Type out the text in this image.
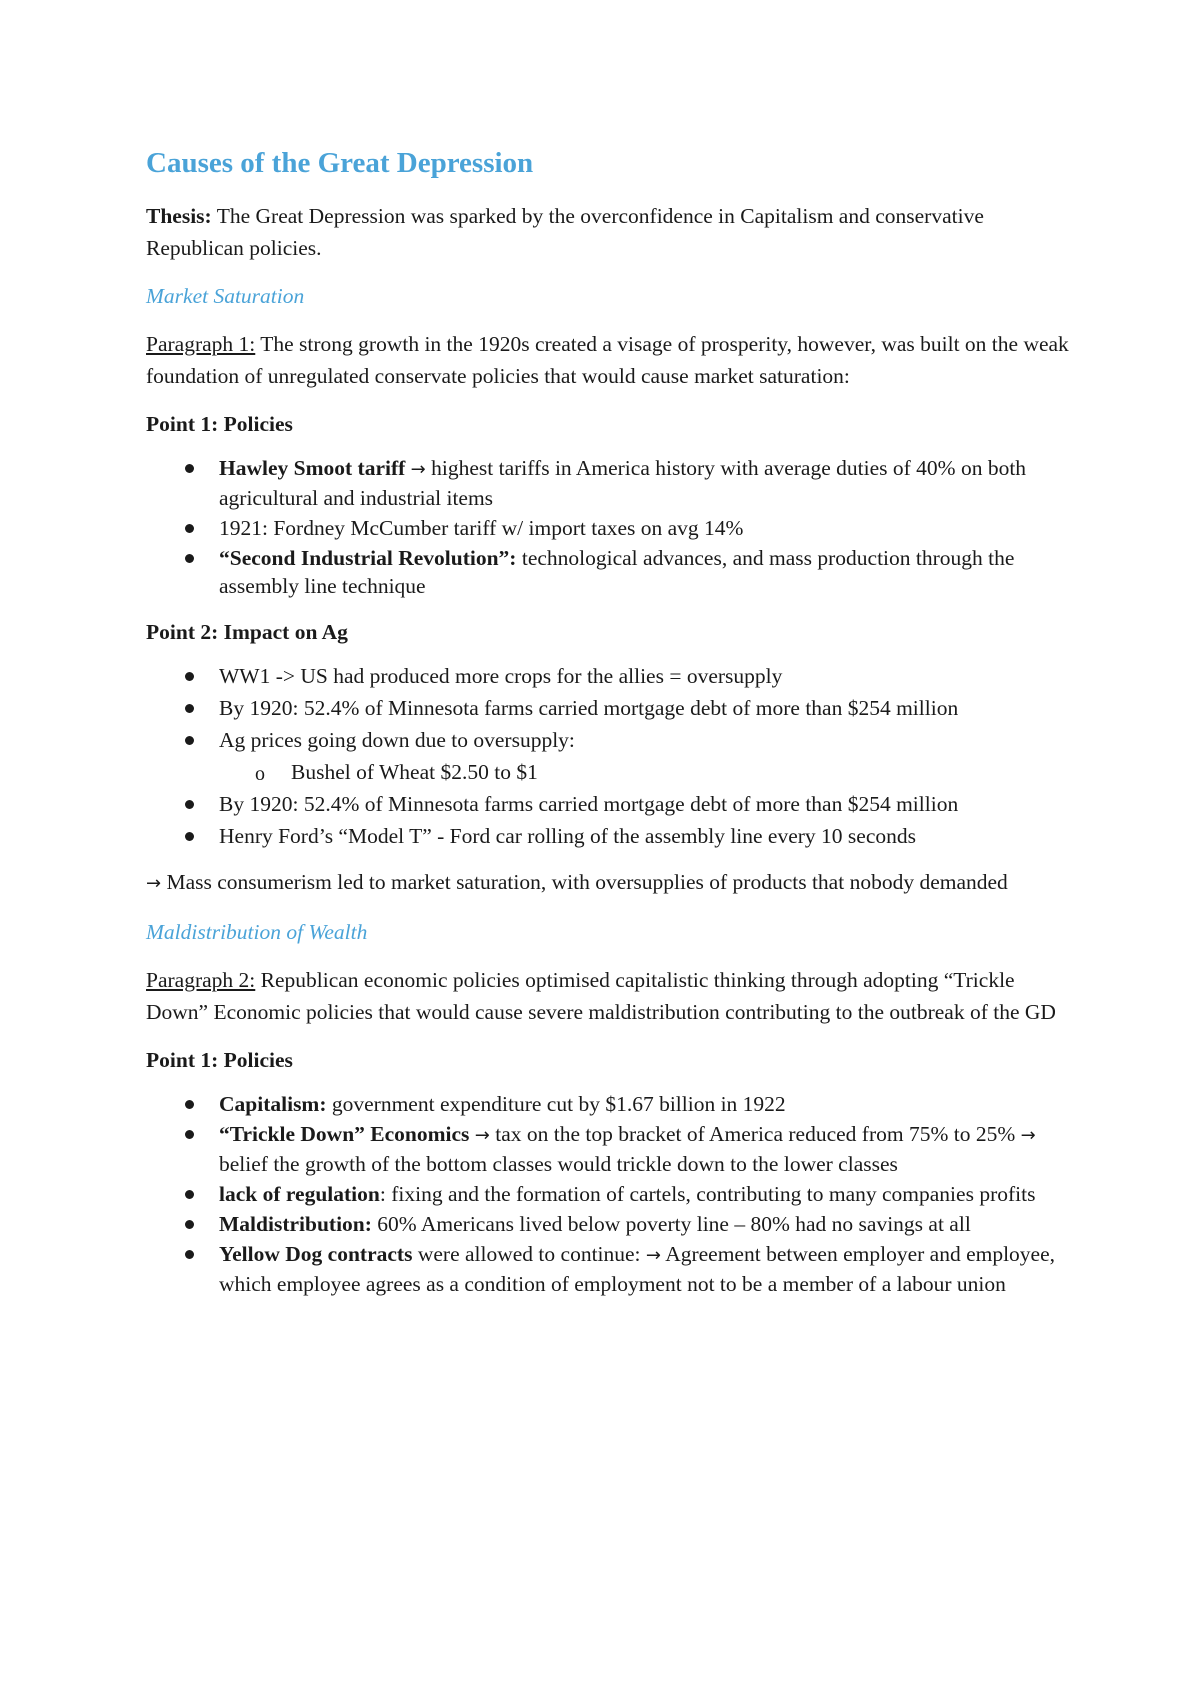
Causes of the Great Depression

Thesis: The Great Depression was sparked by the overconfidence in Capitalism and conservative Republican policies.

Market Saturation

Paragraph 1: The strong growth in the 1920s created a visage of prosperity, however, was built on the weak foundation of unregulated conservate policies that would cause market saturation:

Point 1: Policies

Hawley Smoot tariff → highest tariffs in America history with average duties of 40% on both agricultural and industrial items
1921: Fordney McCumber tariff w/ import taxes on avg 14%
“Second Industrial Revolution”: technological advances, and mass production through the assembly line technique

Point 2: Impact on Ag

WW1 -> US had produced more crops for the allies = oversupply
By 1920: 52.4% of Minnesota farms carried mortgage debt of more than $254 million
Ag prices going down due to oversupply:
o Bushel of Wheat $2.50 to $1
By 1920: 52.4% of Minnesota farms carried mortgage debt of more than $254 million
Henry Ford’s “Model T” - Ford car rolling of the assembly line every 10 seconds

→ Mass consumerism led to market saturation, with oversupplies of products that nobody demanded

Maldistribution of Wealth

Paragraph 2: Republican economic policies optimised capitalistic thinking through adopting “Trickle Down” Economic policies that would cause severe maldistribution contributing to the outbreak of the GD

Point 1: Policies

Capitalism: government expenditure cut by $1.67 billion in 1922
“Trickle Down” Economics → tax on the top bracket of America reduced from 75% to 25% → belief the growth of the bottom classes would trickle down to the lower classes
lack of regulation: fixing and the formation of cartels, contributing to many companies profits
Maldistribution: 60% Americans lived below poverty line – 80% had no savings at all
Yellow Dog contracts were allowed to continue: → Agreement between employer and employee, which employee agrees as a condition of employment not to be a member of a labour union
